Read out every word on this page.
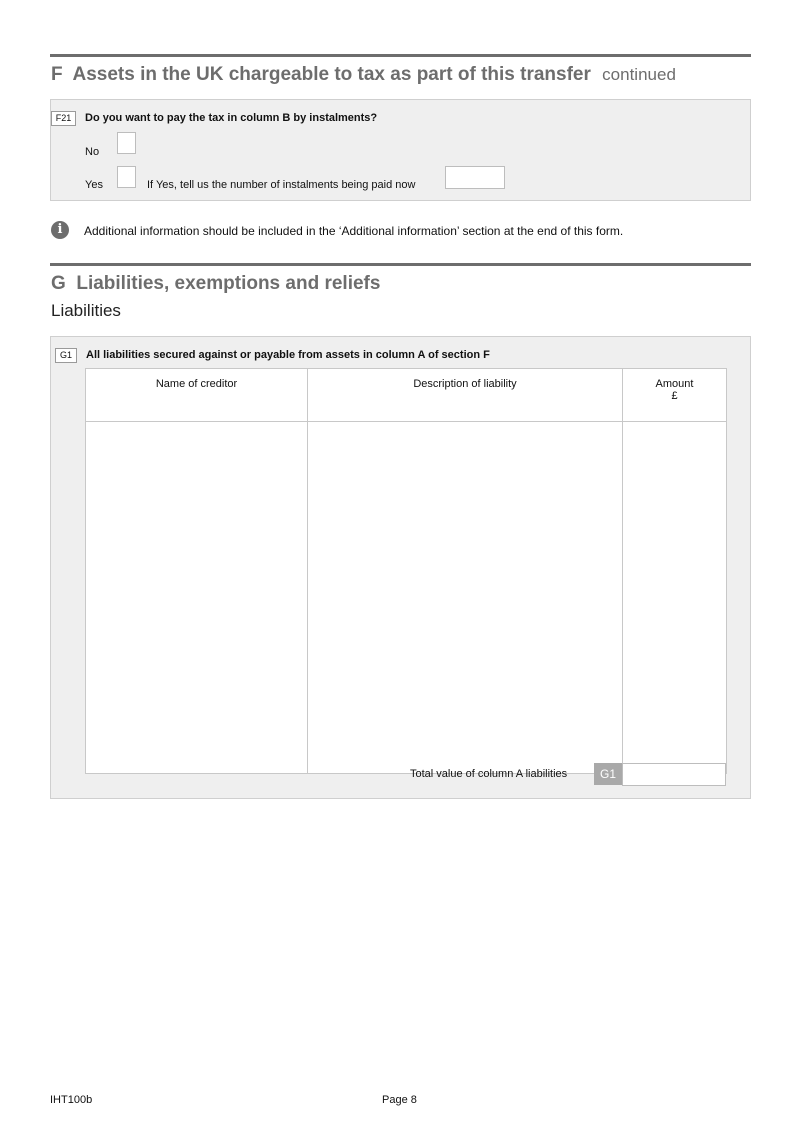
F Assets in the UK chargeable to tax as part of this transfer continued
F21	Do you want to pay the tax in column B by instalments?
No
Yes	If Yes, tell us the number of instalments being paid now
i	Additional information should be included in the ‘Additional information’ section at the end of this form.
G Liabilities, exemptions and reliefs
Liabilities
G1	All liabilities secured against or payable from assets in column A of section F
Name of creditor	Description of liability	Amount
£

Total value of column A liabilities	G1
IHT100b	Page 8
